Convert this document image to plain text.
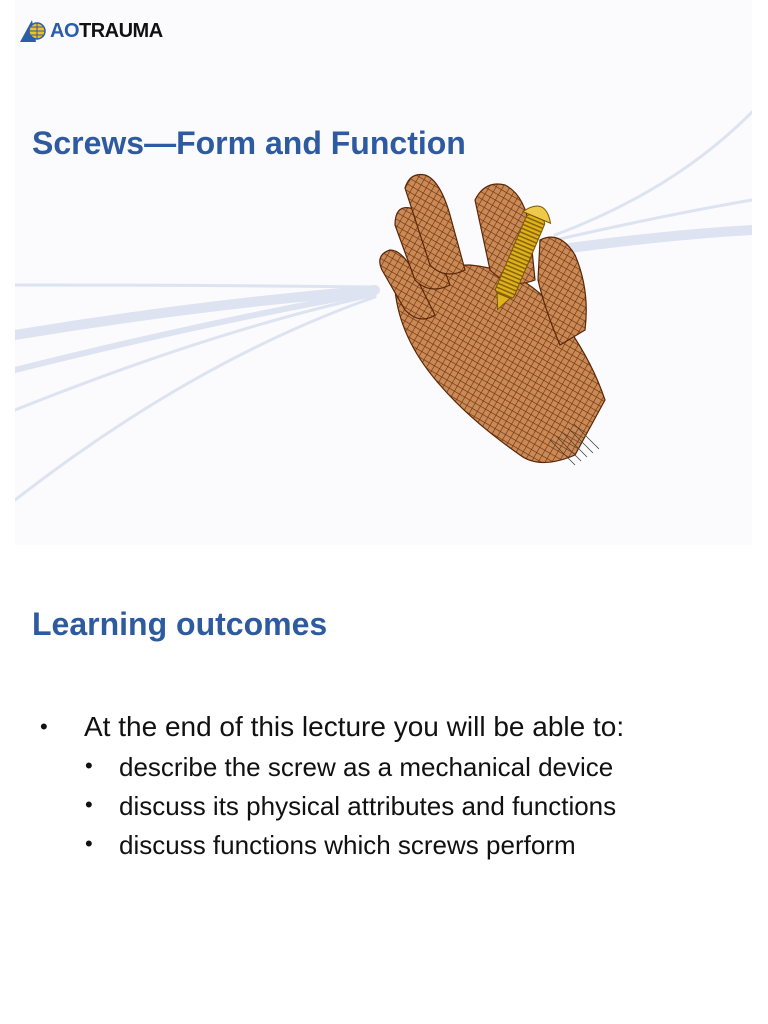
AOTRAUMA
Screws—Form and Function
Learning outcomes
• At the end of this lecture you will be able to:
• describe the screw as a mechanical device
• discuss its physical attributes and functions
• discuss functions which screws perform
